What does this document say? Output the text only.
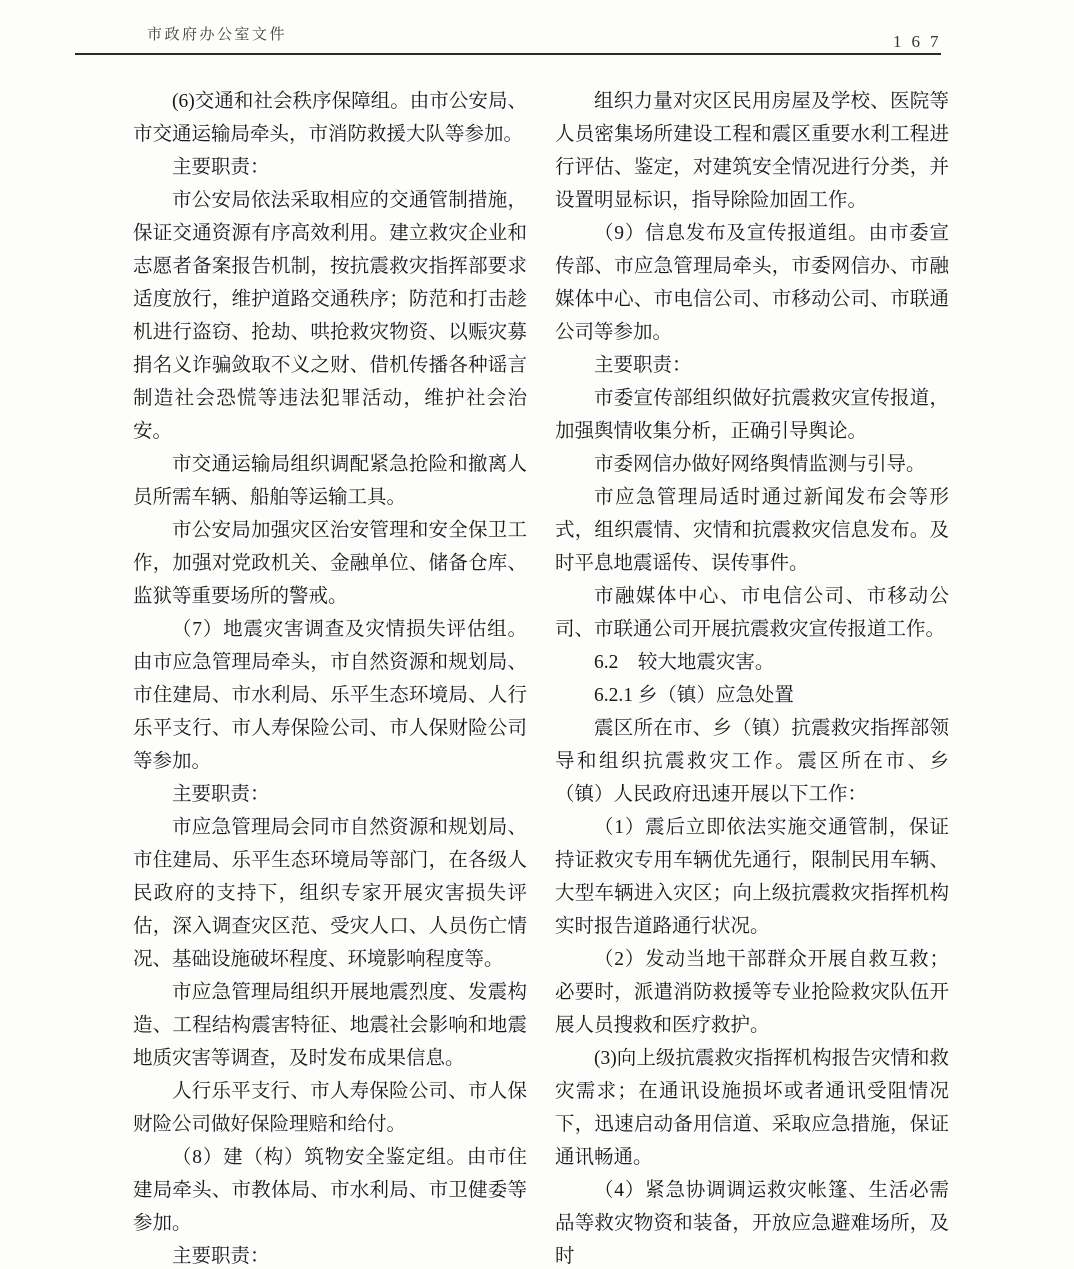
市政府办公室文件	167

(6)交通和社会秩序保障组。由市公安局、市交通运输局牵头，市消防救援大队等参加。

主要职责：

市公安局依法采取相应的交通管制措施，保证交通资源有序高效利用。建立救灾企业和志愿者备案报告机制，按抗震救灾指挥部要求适度放行，维护道路交通秩序；防范和打击趁机进行盗窃、抢劫、哄抢救灾物资、以赈灾募捐名义诈骗敛取不义之财、借机传播各种谣言制造社会恐慌等违法犯罪活动，维护社会治安。

市交通运输局组织调配紧急抢险和撤离人员所需车辆、船舶等运输工具。

市公安局加强灾区治安管理和安全保卫工作，加强对党政机关、金融单位、储备仓库、监狱等重要场所的警戒。

（7）地震灾害调查及灾情损失评估组。由市应急管理局牵头，市自然资源和规划局、市住建局、市水利局、乐平生态环境局、人行乐平支行、市人寿保险公司、市人保财险公司等参加。

主要职责：

市应急管理局会同市自然资源和规划局、市住建局、乐平生态环境局等部门，在各级人民政府的支持下，组织专家开展灾害损失评估，深入调查灾区范、受灾人口、人员伤亡情况、基础设施破坏程度、环境影响程度等。

市应急管理局组织开展地震烈度、发震构造、工程结构震害特征、地震社会影响和地震地质灾害等调查，及时发布成果信息。

人行乐平支行、市人寿保险公司、市人保财险公司做好保险理赔和给付。

（8）建（构）筑物安全鉴定组。由市住建局牵头、市教体局、市水利局、市卫健委等参加。

主要职责：

组织力量对灾区民用房屋及学校、医院等人员密集场所建设工程和震区重要水利工程进行评估、鉴定，对建筑安全情况进行分类，并设置明显标识，指导除险加固工作。

（9）信息发布及宣传报道组。由市委宣传部、市应急管理局牵头，市委网信办、市融媒体中心、市电信公司、市移动公司、市联通公司等参加。

主要职责：

市委宣传部组织做好抗震救灾宣传报道，加强舆情收集分析，正确引导舆论。

市委网信办做好网络舆情监测与引导。

市应急管理局适时通过新闻发布会等形式，组织震情、灾情和抗震救灾信息发布。及时平息地震谣传、误传事件。

市融媒体中心、市电信公司、市移动公司、市联通公司开展抗震救灾宣传报道工作。

6.2　较大地震灾害。

6.2.1 乡（镇）应急处置

震区所在市、乡（镇）抗震救灾指挥部领导和组织抗震救灾工作。震区所在市、乡（镇）人民政府迅速开展以下工作：

（1）震后立即依法实施交通管制，保证持证救灾专用车辆优先通行，限制民用车辆、大型车辆进入灾区；向上级抗震救灾指挥机构实时报告道路通行状况。

（2）发动当地干部群众开展自救互救；必要时，派遣消防救援等专业抢险救灾队伍开展人员搜救和医疗救护。

(3)向上级抗震救灾指挥机构报告灾情和救灾需求；在通讯设施损坏或者通讯受阻情况下，迅速启动备用信道、采取应急措施，保证通讯畅通。

（4）紧急协调调运救灾帐篷、生活必需品等救灾物资和装备，开放应急避难场所，及时
